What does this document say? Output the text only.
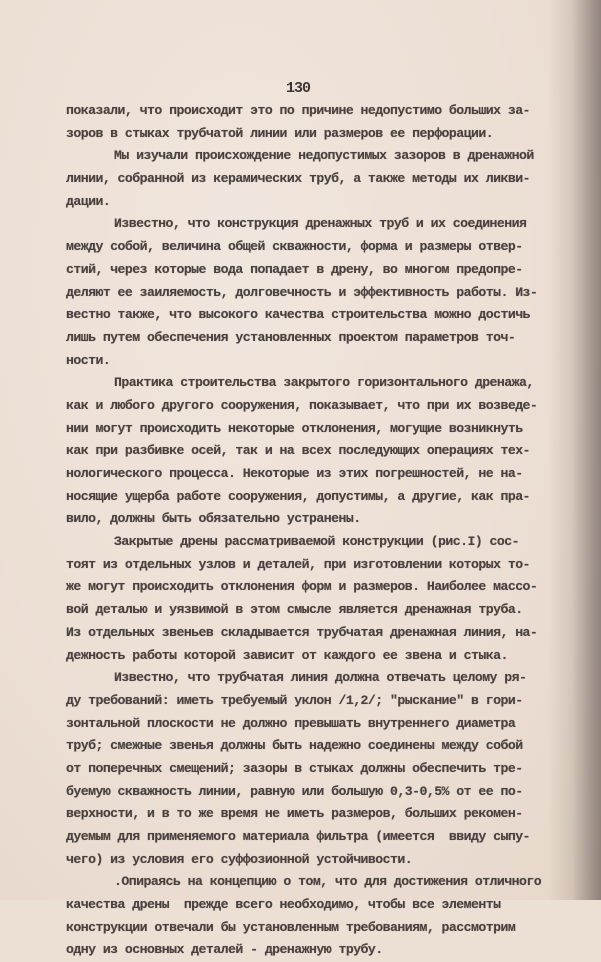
130
показали, что происходит это по причине недопустимо больших за-
зоров в стыках трубчатой линии или размеров ее перфорации.
Мы изучали происхождение недопустимых зазоров в дренажной
линии, собранной из керамических труб, а также методы их ликви-
дации.
Известно, что конструкция дренажных труб и их соединения
между собой, величина общей скважности, форма и размеры отвер-
стий, через которые вода попадает в дрену, во многом предопре-
деляют ее заиляемость, долговечность и эффективность работы. Из-
вестно также, что высокого качества строительства можно достичь
лишь путем обеспечения установленных проектом параметров точ-
ности.
Практика строительства закрытого горизонтального дренажа,
как и любого другого сооружения, показывает, что при их возведе-
нии могут происходить некоторые отклонения, могущие возникнуть
как при разбивке осей, так и на всех последующих операциях тех-
нологического процесса. Некоторые из этих погрешностей, не на-
носящие ущерба работе сооружения, допустимы, а другие, как пра-
вило, должны быть обязательно устранены.
Закрытые дрены рассматриваемой конструкции (рис.I) сос-
тоят из отдельных узлов и деталей, при изготовлении которых то-
же могут происходить отклонения форм и размеров. Наиболее массо-
вой деталью и уязвимой в этом смысле является дренажная труба.
Из отдельных звеньев складывается трубчатая дренажная линия, на-
дежность работы которой зависит от каждого ее звена и стыка.
Известно, что трубчатая линия должна отвечать целому ря-
ду требований: иметь требуемый уклон /1,2/; "рыскание" в гори-
зонтальной плоскости не должно превышать внутреннего диаметра
труб; смежные звенья должны быть надежно соединены между собой
от поперечных смещений; зазоры в стыках должны обеспечить тре-
буемую скважность линии, равную или большую 0,3-0,5% от ее по-
верхности, и в то же время не иметь размеров, больших рекомен-
дуемым для применяемого материала фильтра (имеется  ввиду сыпу-
чего) из условия его суффозионной устойчивости.
.Опираясь на концепцию о том, что для достижения отличного
качества дрены  прежде всего необходимо, чтобы все элементы
конструкции отвечали бы установленным требованиям, рассмотрим
одну из основных деталей - дренажную трубу.
